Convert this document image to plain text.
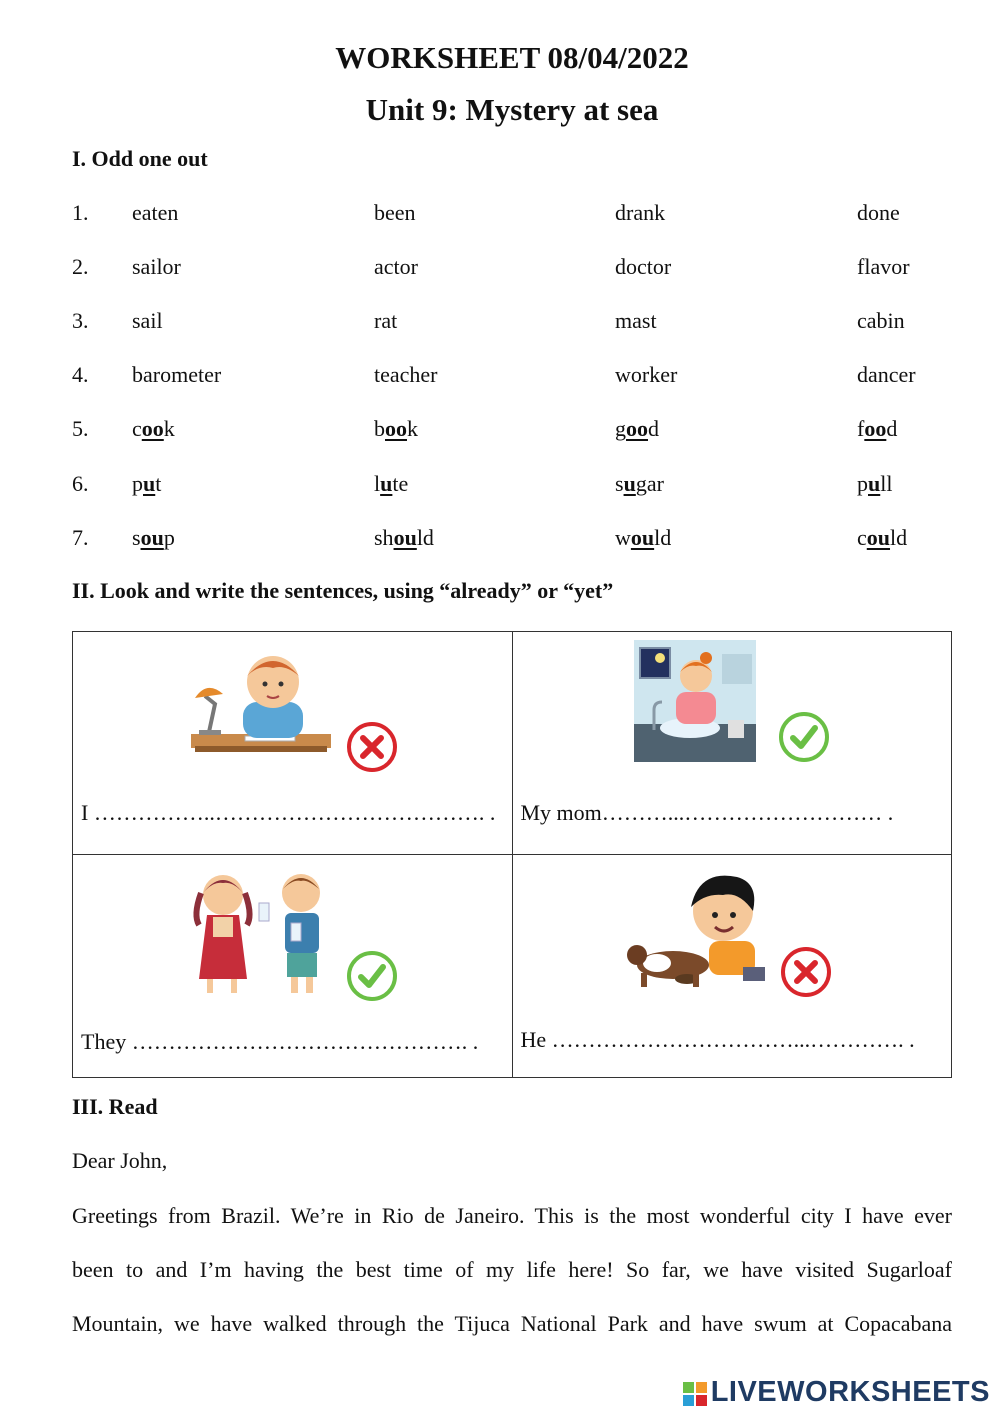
WORKSHEET 08/04/2022
Unit 9: Mystery at sea
I. Odd one out
1. eaten	been	drank	done
2. sailor	actor	doctor	flavor
3. sail	rat	mast	cabin
4. barometer	teacher	worker	dancer
5. cook	book	good	food
6. put	lute	sugar	pull
7. soup	should	would	could
II. Look and write the sentences, using “already” or “yet”
I ……………..………………………………. .	My mom………...……………………… .

They ………………………………………. .	He ……………………………...…………. .
III. Read
Dear John,
Greetings from Brazil. We’re in Rio de Janeiro. This is the most wonderful city I have ever
been to and I’m having the best time of my life here! So far, we have visited Sugarloaf
Mountain, we have walked through the Tijuca National Park and have swum at Copacabana
LIVEWORKSHEETS
